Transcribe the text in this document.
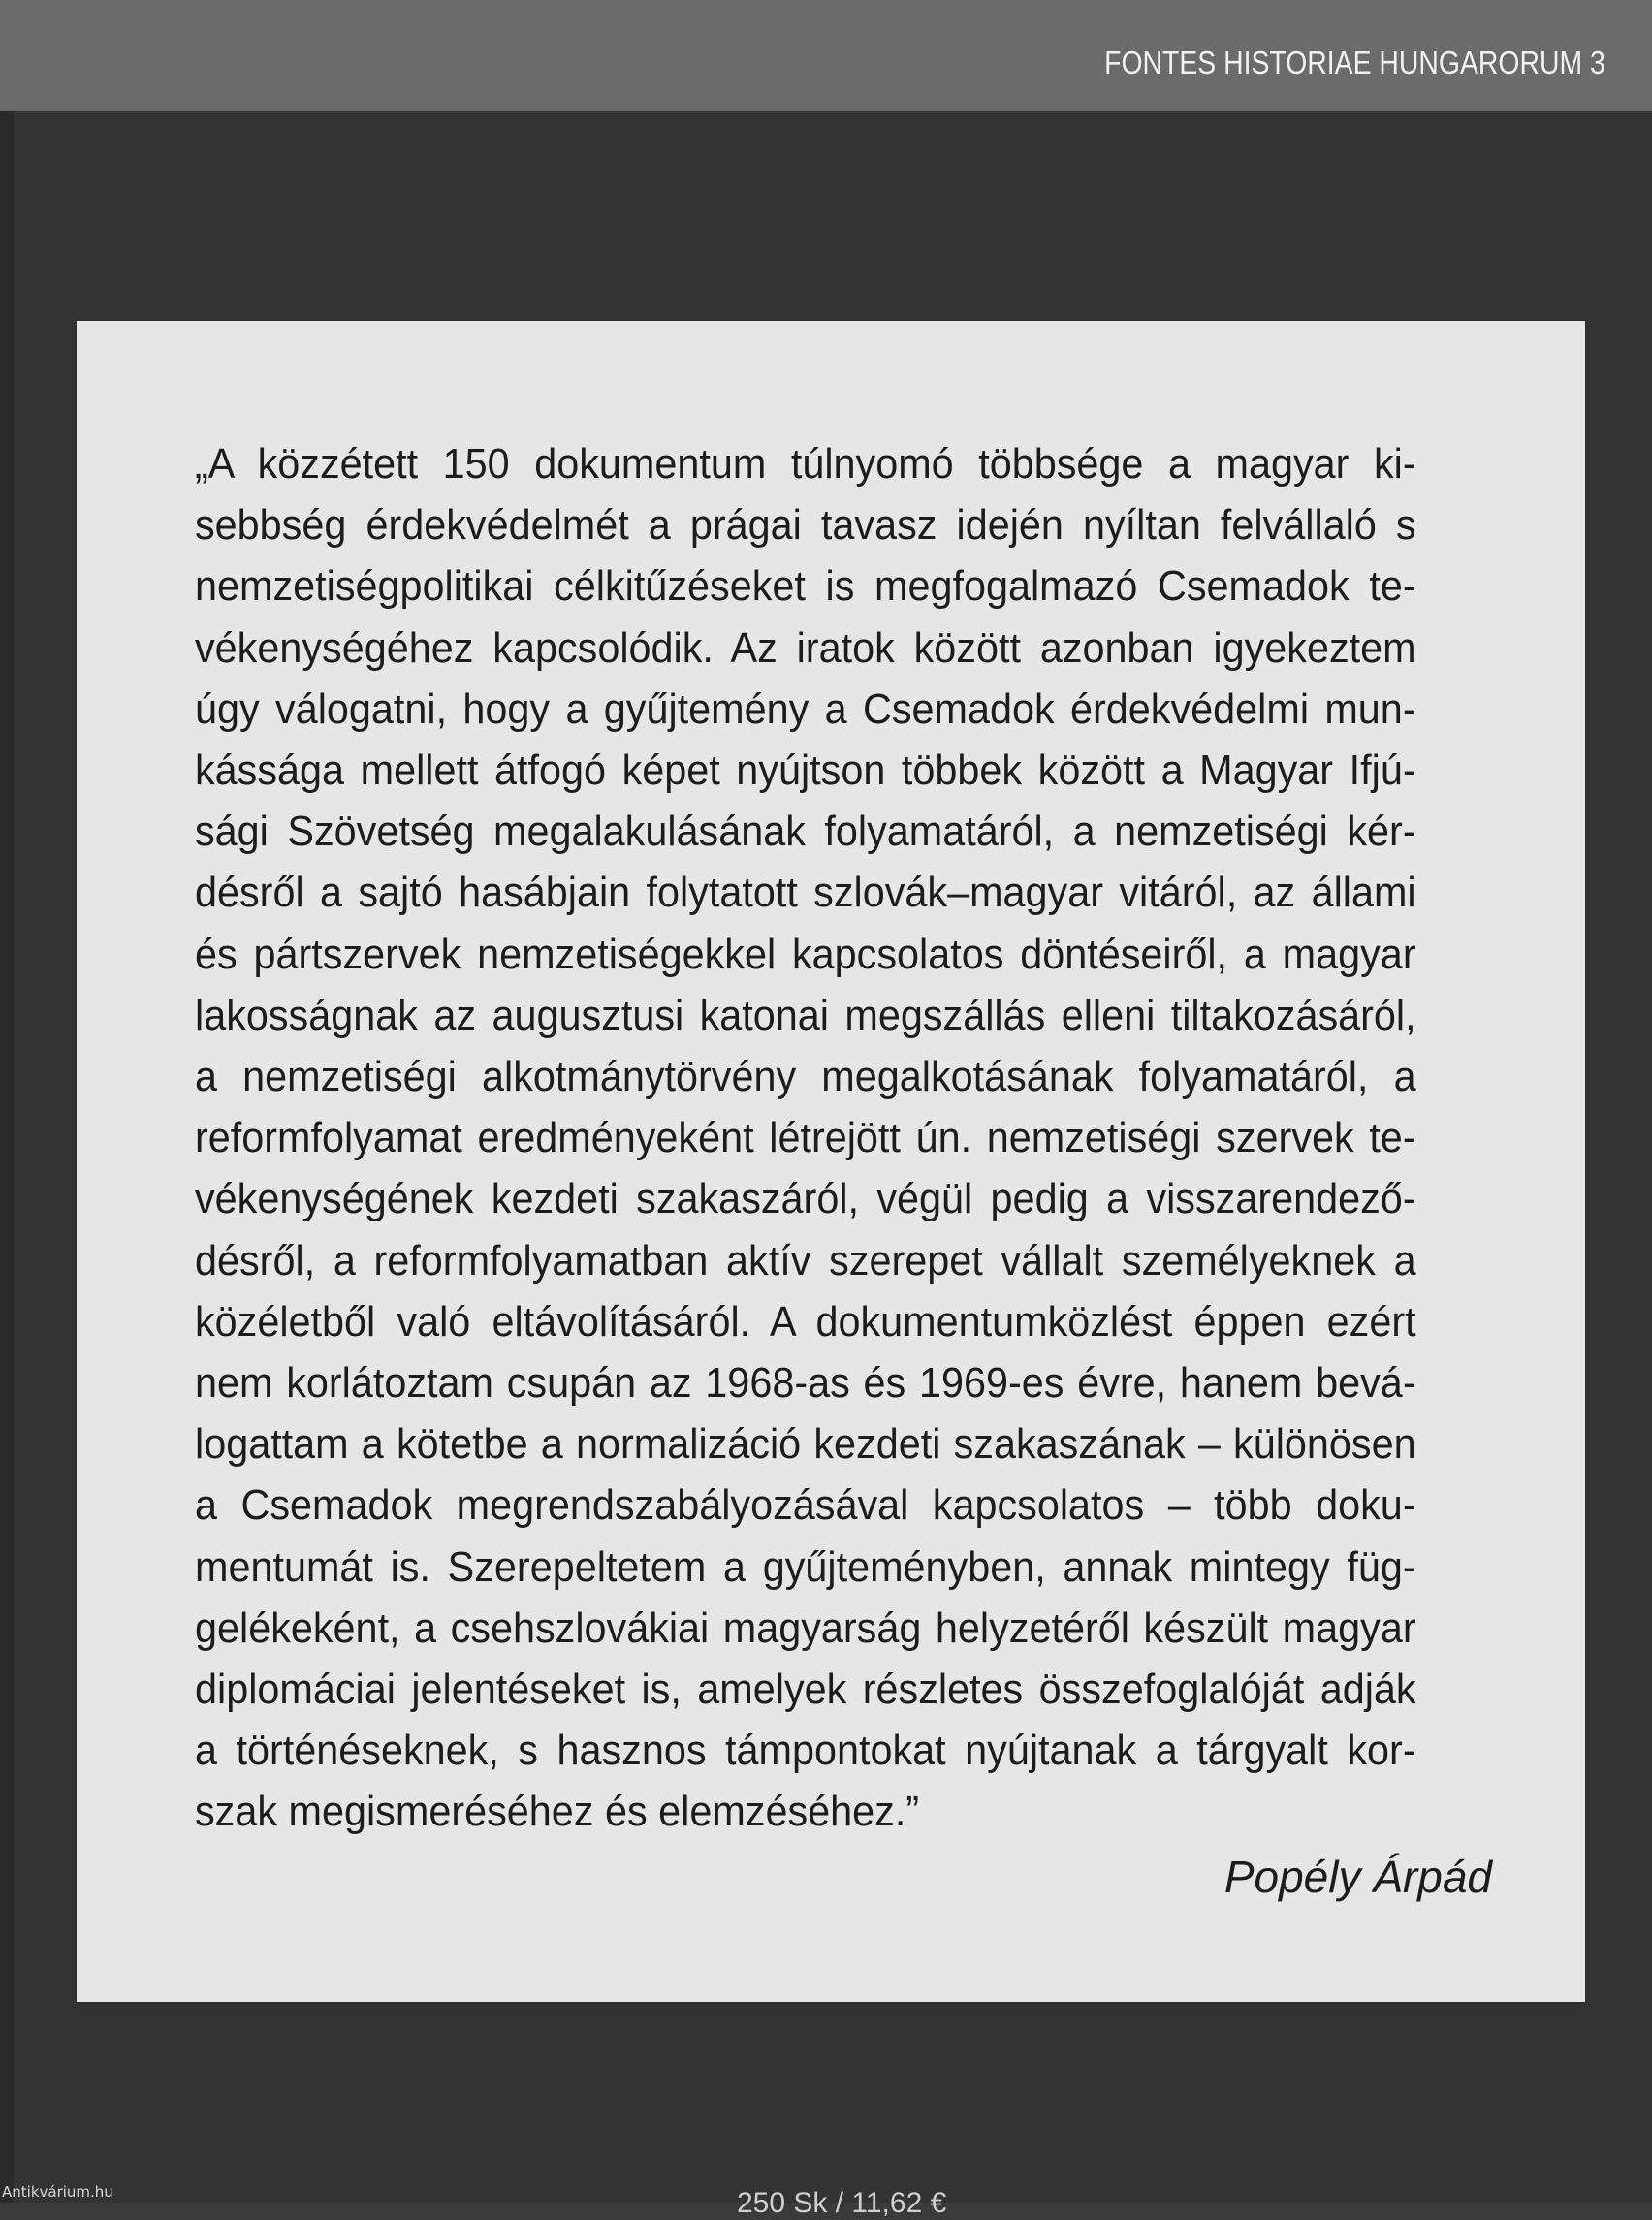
FONTES HISTORIAE HUNGARORUM 3

„A közzétett 150 dokumentum túlnyomó többsége a magyar kisebbség érdekvédelmét a prágai tavasz idején nyíltan felvállaló s nemzetiségpolitikai célkitűzéseket is megfogalmazó Csemadok tevékenységéhez kapcsolódik. Az iratok között azonban igyekeztem úgy válogatni, hogy a gyűjtemény a Csemadok érdekvédelmi munkássága mellett átfogó képet nyújtson többek között a Magyar Ifjúsági Szövetség megalakulásának folyamatáról, a nemzetiségi kérdésről a sajtó hasábjain folytatott szlovák–magyar vitáról, az állami és pártszervek nemzetiségekkel kapcsolatos döntéseiről, a magyar lakosságnak az augusztusi katonai megszállás elleni tiltakozásáról, a nemzetiségi alkotmánytörvény megalkotásának folyamatáról, a reformfolyamat eredményeként létrejött ún. nemzetiségi szervek tevékenységének kezdeti szakaszáról, végül pedig a visszarendeződésről, a reformfolyamatban aktív szerepet vállalt személyeknek a közéletből való eltávolításáról. A dokumentumközlést éppen ezért nem korlátoztam csupán az 1968-as és 1969-es évre, hanem beválogattam a kötetbe a normalizáció kezdeti szakaszának – különösen a Csemadok megrendszabályozásával kapcsolatos – több dokumentumát is. Szerepeltetem a gyűjteményben, annak mintegy függelékeként, a csehszlovákiai magyarság helyzetéről készült magyar diplomáciai jelentéseket is, amelyek részletes összefoglalóját adják a történéseknek, s hasznos támpontokat nyújtanak a tárgyalt korszak megismeréséhez és elemzéséhez.”

Popély Árpád
Antikvárium.hu	250 Sk / 11,62 €
